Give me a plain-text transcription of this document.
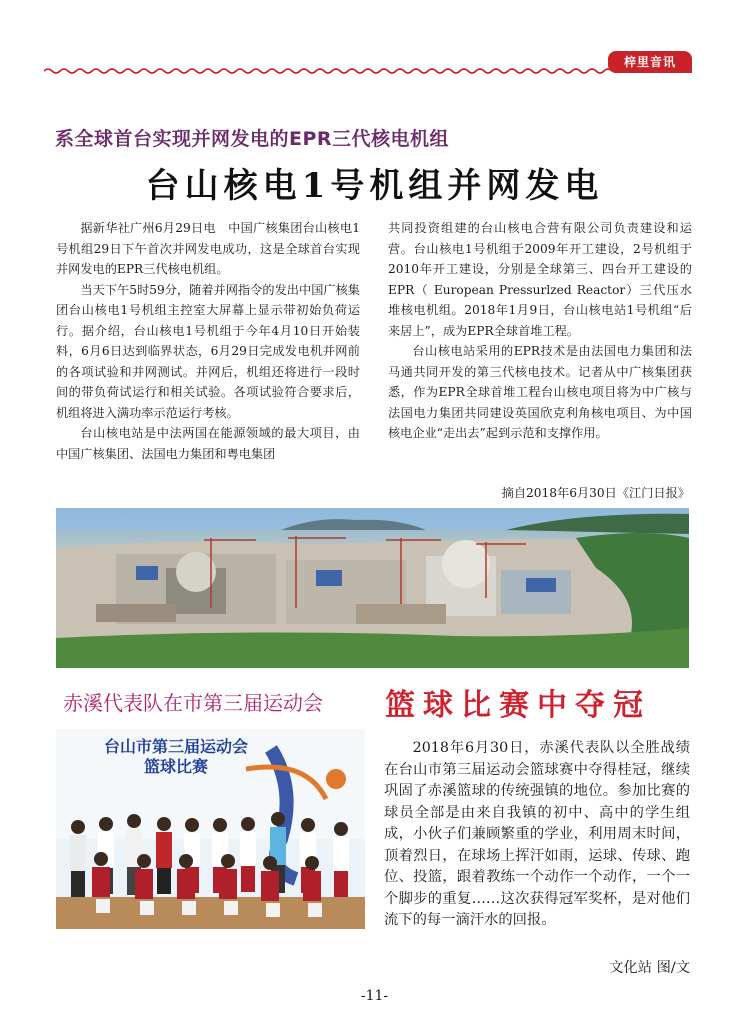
梓里音讯
系全球首台实现并网发电的EPR三代核电机组
台山核电1号机组并网发电

据新华社广州6月29日电　中国广核集团台山核电1号机组29日下午首次并网发电成功，这是全球首台实现并网发电的EPR三代核电机组。

当天下午5时59分，随着并网指令的发出中国广核集团台山核电1号机组主控室大屏幕上显示带初始负荷运行。据介绍，台山核电1号机组于今年4月10日开始装料，6月6日达到临界状态，6月29日完成发电机并网前的各项试验和并网测试。并网后，机组还将进行一段时间的带负荷试运行和相关试验。各项试验符合要求后，机组将进入满功率示范运行考核。

台山核电站是中法两国在能源领域的最大项目，由中国广核集团、法国电力集团和粤电集团

共同投资组建的台山核电合营有限公司负责建设和运营。台山核电1号机组于2009年开工建设，2号机组于2010年开工建设，分别是全球第三、四台开工建设的EPR（ European Pressurlzed Reactor）三代压水堆核电机组。2018年1月9日，台山核电站1号机组“后来居上”，成为EPR全球首堆工程。

台山核电站采用的EPR技术是由法国电力集团和法马通共同开发的第三代核电技术。记者从中广核集团获悉，作为EPR全球首堆工程台山核电项目将为中广核与法国电力集团共同建设英国欣克利角核电项目、为中国核电企业“走出去”起到示范和支撑作用。

摘自2018年6月30日《江门日报》
赤溪代表队在市第三届运动会 篮球比赛中夺冠
台山市第三届运动会
篮球比赛

2018年6月30日，赤溪代表队以全胜战绩在台山市第三届运动会篮球赛中夺得桂冠，继续巩固了赤溪篮球的传统强镇的地位。参加比赛的球员全部是由来自我镇的初中、高中的学生组成，小伙子们兼顾繁重的学业，利用周末时间，顶着烈日，在球场上挥汗如雨，运球、传球、跑位、投篮，跟着教练一个动作一个动作，一个一个脚步的重复……这次获得冠军奖杯，是对他们流下的每一滴汗水的回报。

文化站 图/文
-11-
